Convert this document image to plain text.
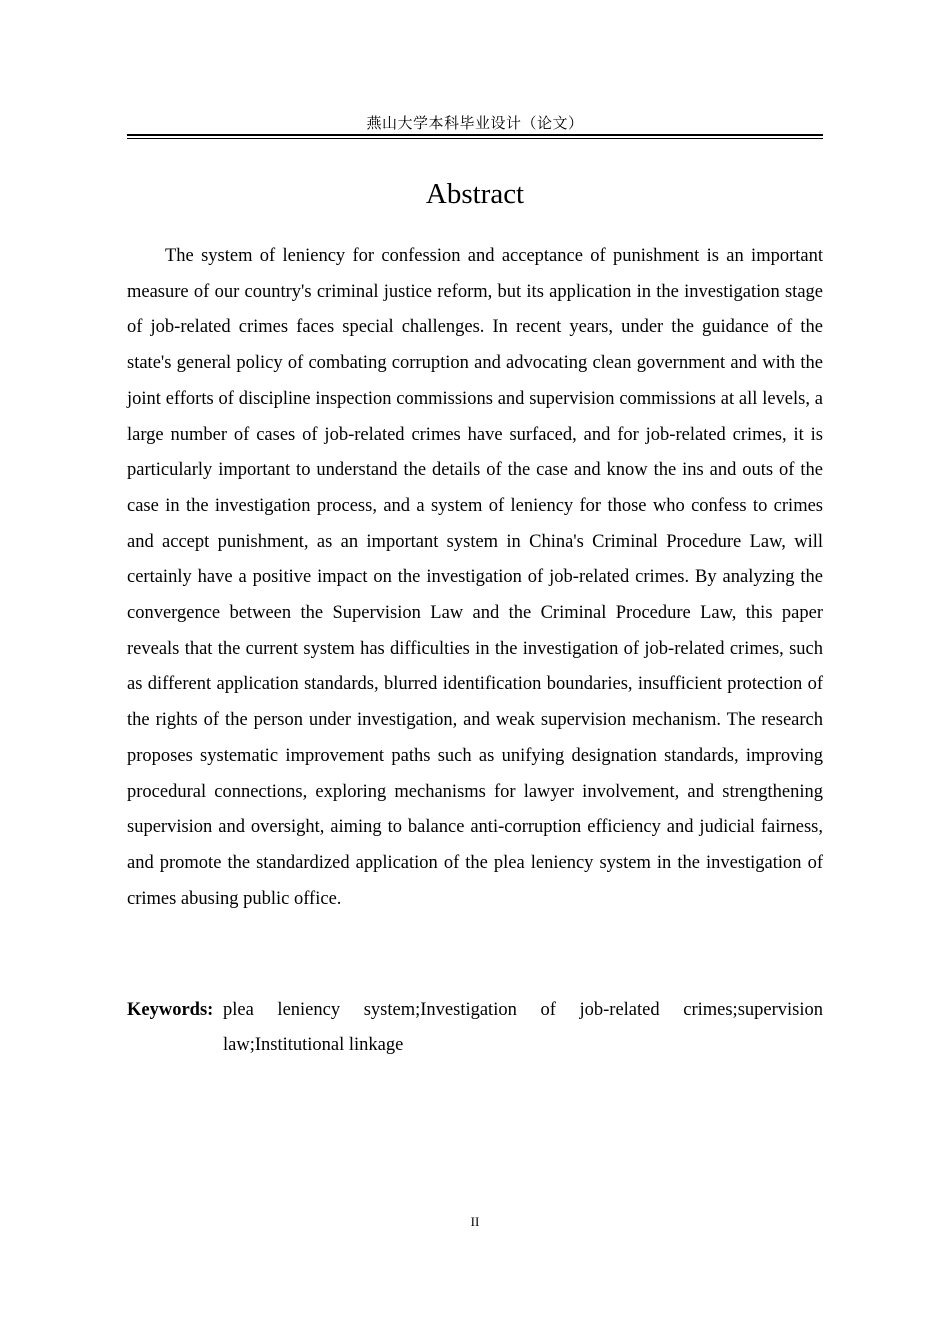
燕山大学本科毕业设计（论文）
Abstract

The system of leniency for confession and acceptance of punishment is an important measure of our country's criminal justice reform, but its application in the investigation stage of job-related crimes faces special challenges. In recent years, under the guidance of the state's general policy of combating corruption and advocating clean government and with the joint efforts of discipline inspection commissions and supervision commissions at all levels, a large number of cases of job-related crimes have surfaced, and for job-related crimes, it is particularly important to understand the details of the case and know the ins and outs of the case in the investigation process, and a system of leniency for those who confess to crimes and accept punishment, as an important system in China's Criminal Procedure Law, will certainly have a positive impact on the investigation of job-related crimes. By analyzing the convergence between the Supervision Law and the Criminal Procedure Law, this paper reveals that the current system has difficulties in the investigation of job-related crimes, such as different application standards, blurred identification boundaries, insufficient protection of the rights of the person under investigation, and weak supervision mechanism. The research proposes systematic improvement paths such as unifying designation standards, improving procedural connections, exploring mechanisms for lawyer involvement, and strengthening supervision and oversight, aiming to balance anti-corruption efficiency and judicial fairness, and promote the standardized application of the plea leniency system in the investigation of crimes abusing public office.

Keywords: plea leniency system;Investigation of job-related crimes;supervision law;Institutional linkage
II
